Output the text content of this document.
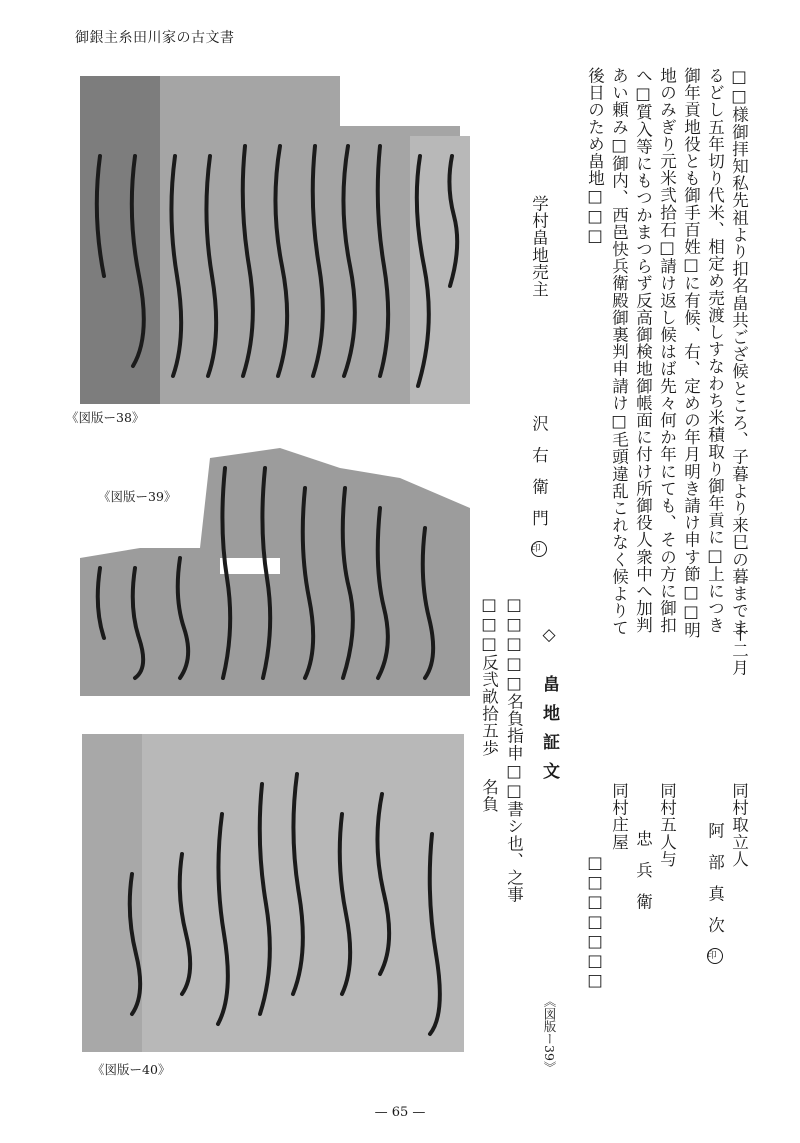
御銀主糸田川家の古文書
《図版ー38》
《図版ー39》
《図版ー40》
□□様御拝知私先祖より扣名畠共ござ候ところ、子暮より来巳の暮までま
るどし五年切り代米、相定め売渡しすなわち米積取り御年貢に□上につき
御年貢地役とも御手百姓□に有候、右、定めの年月明き請け申す節□□明
地のみぎり元米弐拾石□請け返し候はば先々何か年にても、その方に御扣
へ□質入等にもつかまつらず反高御検地御帳面に付け所御役人衆中へ加判
あい頼み□御内、西邑快兵衛殿御裏判申請け□毛頭違乱これなく候よりて
後日のため畠地□□□
学村畠地売主
沢右衛門印
十二月
同村取立人
阿部真次印
同村五人与
忠兵衛
同村庄屋
□□□□□□□
◇ 畠地証文
□□□□□名負指申□□書シ也、之事
□□□反弐畝拾五歩名負
《図版ー39》
— 65 —
